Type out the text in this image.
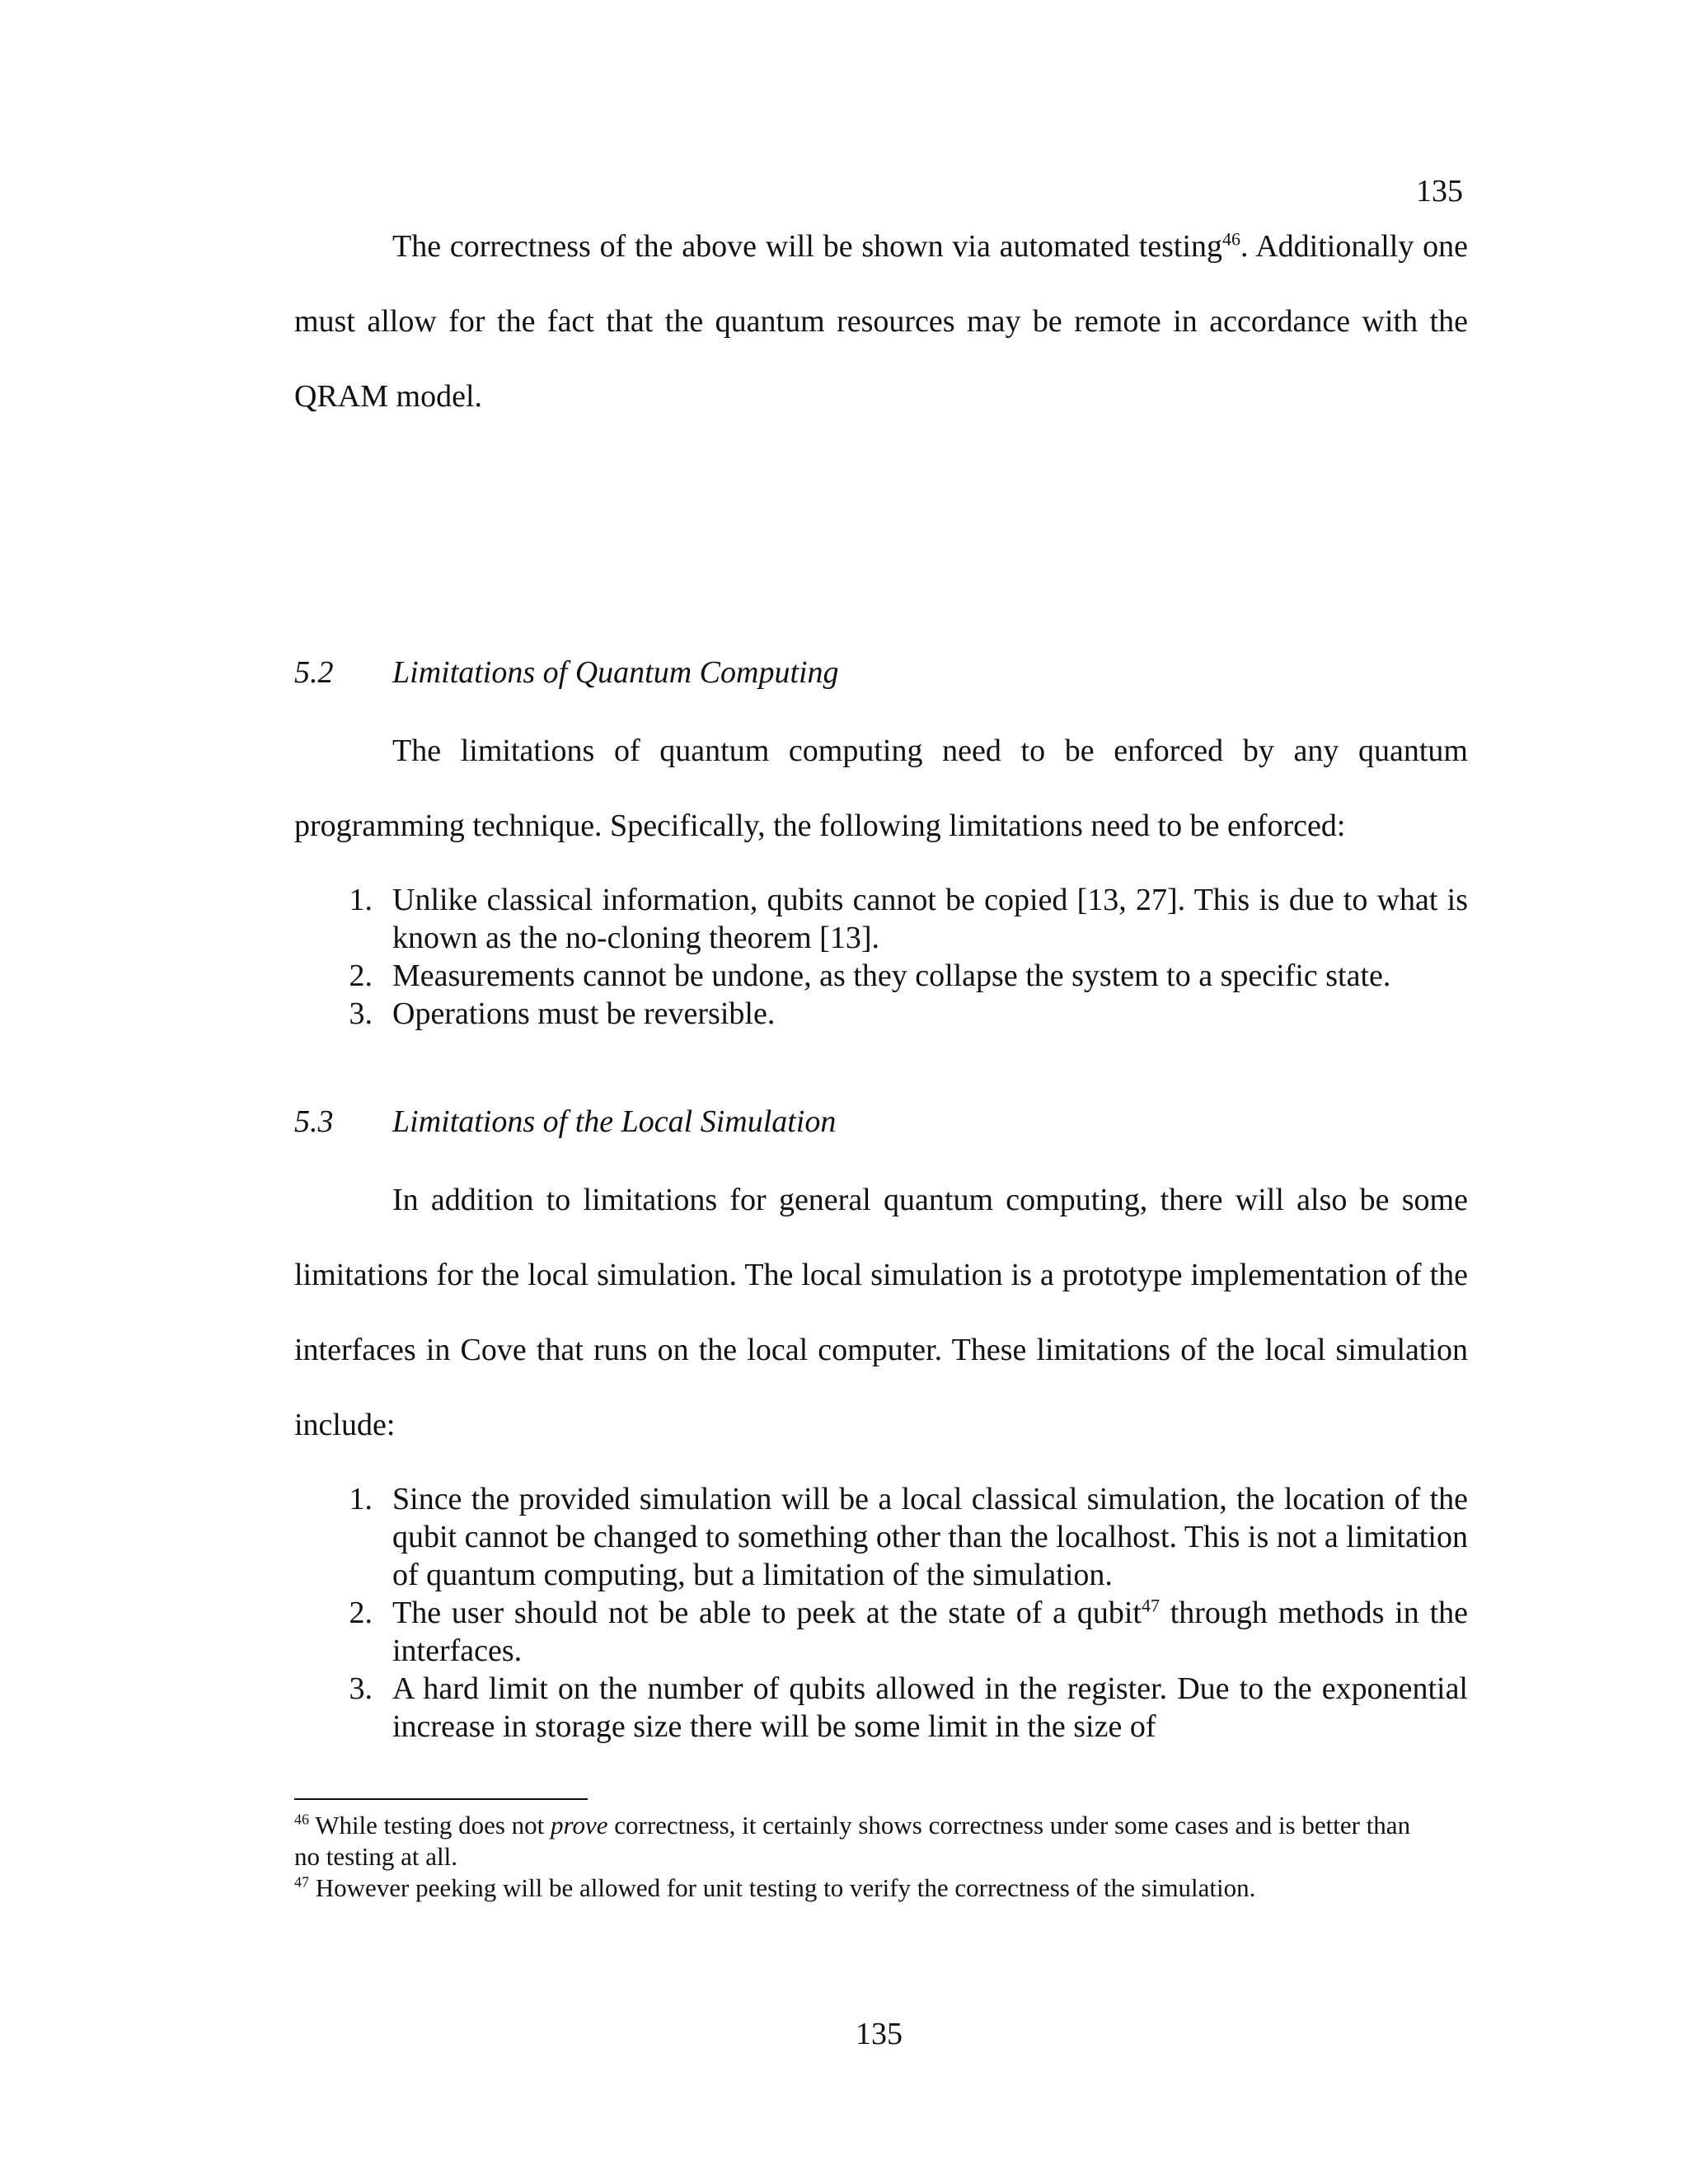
135
The correctness of the above will be shown via automated testing$^{46}$. Additionally one must allow for the fact that the quantum resources may be remote in accordance with the QRAM model.
5.2 Limitations of Quantum Computing
The limitations of quantum computing need to be enforced by any quantum programming technique. Specifically, the following limitations need to be enforced:
1. Unlike classical information, qubits cannot be copied [13, 27]. This is due to what is known as the no-cloning theorem [13].
2. Measurements cannot be undone, as they collapse the system to a specific state.
3. Operations must be reversible.
5.3 Limitations of the Local Simulation
In addition to limitations for general quantum computing, there will also be some limitations for the local simulation. The local simulation is a prototype implementation of the interfaces in Cove that runs on the local computer. These limitations of the local simulation include:
1. Since the provided simulation will be a local classical simulation, the location of the qubit cannot be changed to something other than the localhost. This is not a limitation of quantum computing, but a limitation of the simulation.
2. The user should not be able to peek at the state of a qubit$^{47}$ through methods in the interfaces.
3. A hard limit on the number of qubits allowed in the register. Due to the exponential increase in storage size there will be some limit in the size of
$^{46}$ While testing does not prove correctness, it certainly shows correctness under some cases and is better than no testing at all.
$^{47}$ However peeking will be allowed for unit testing to verify the correctness of the simulation.
135
